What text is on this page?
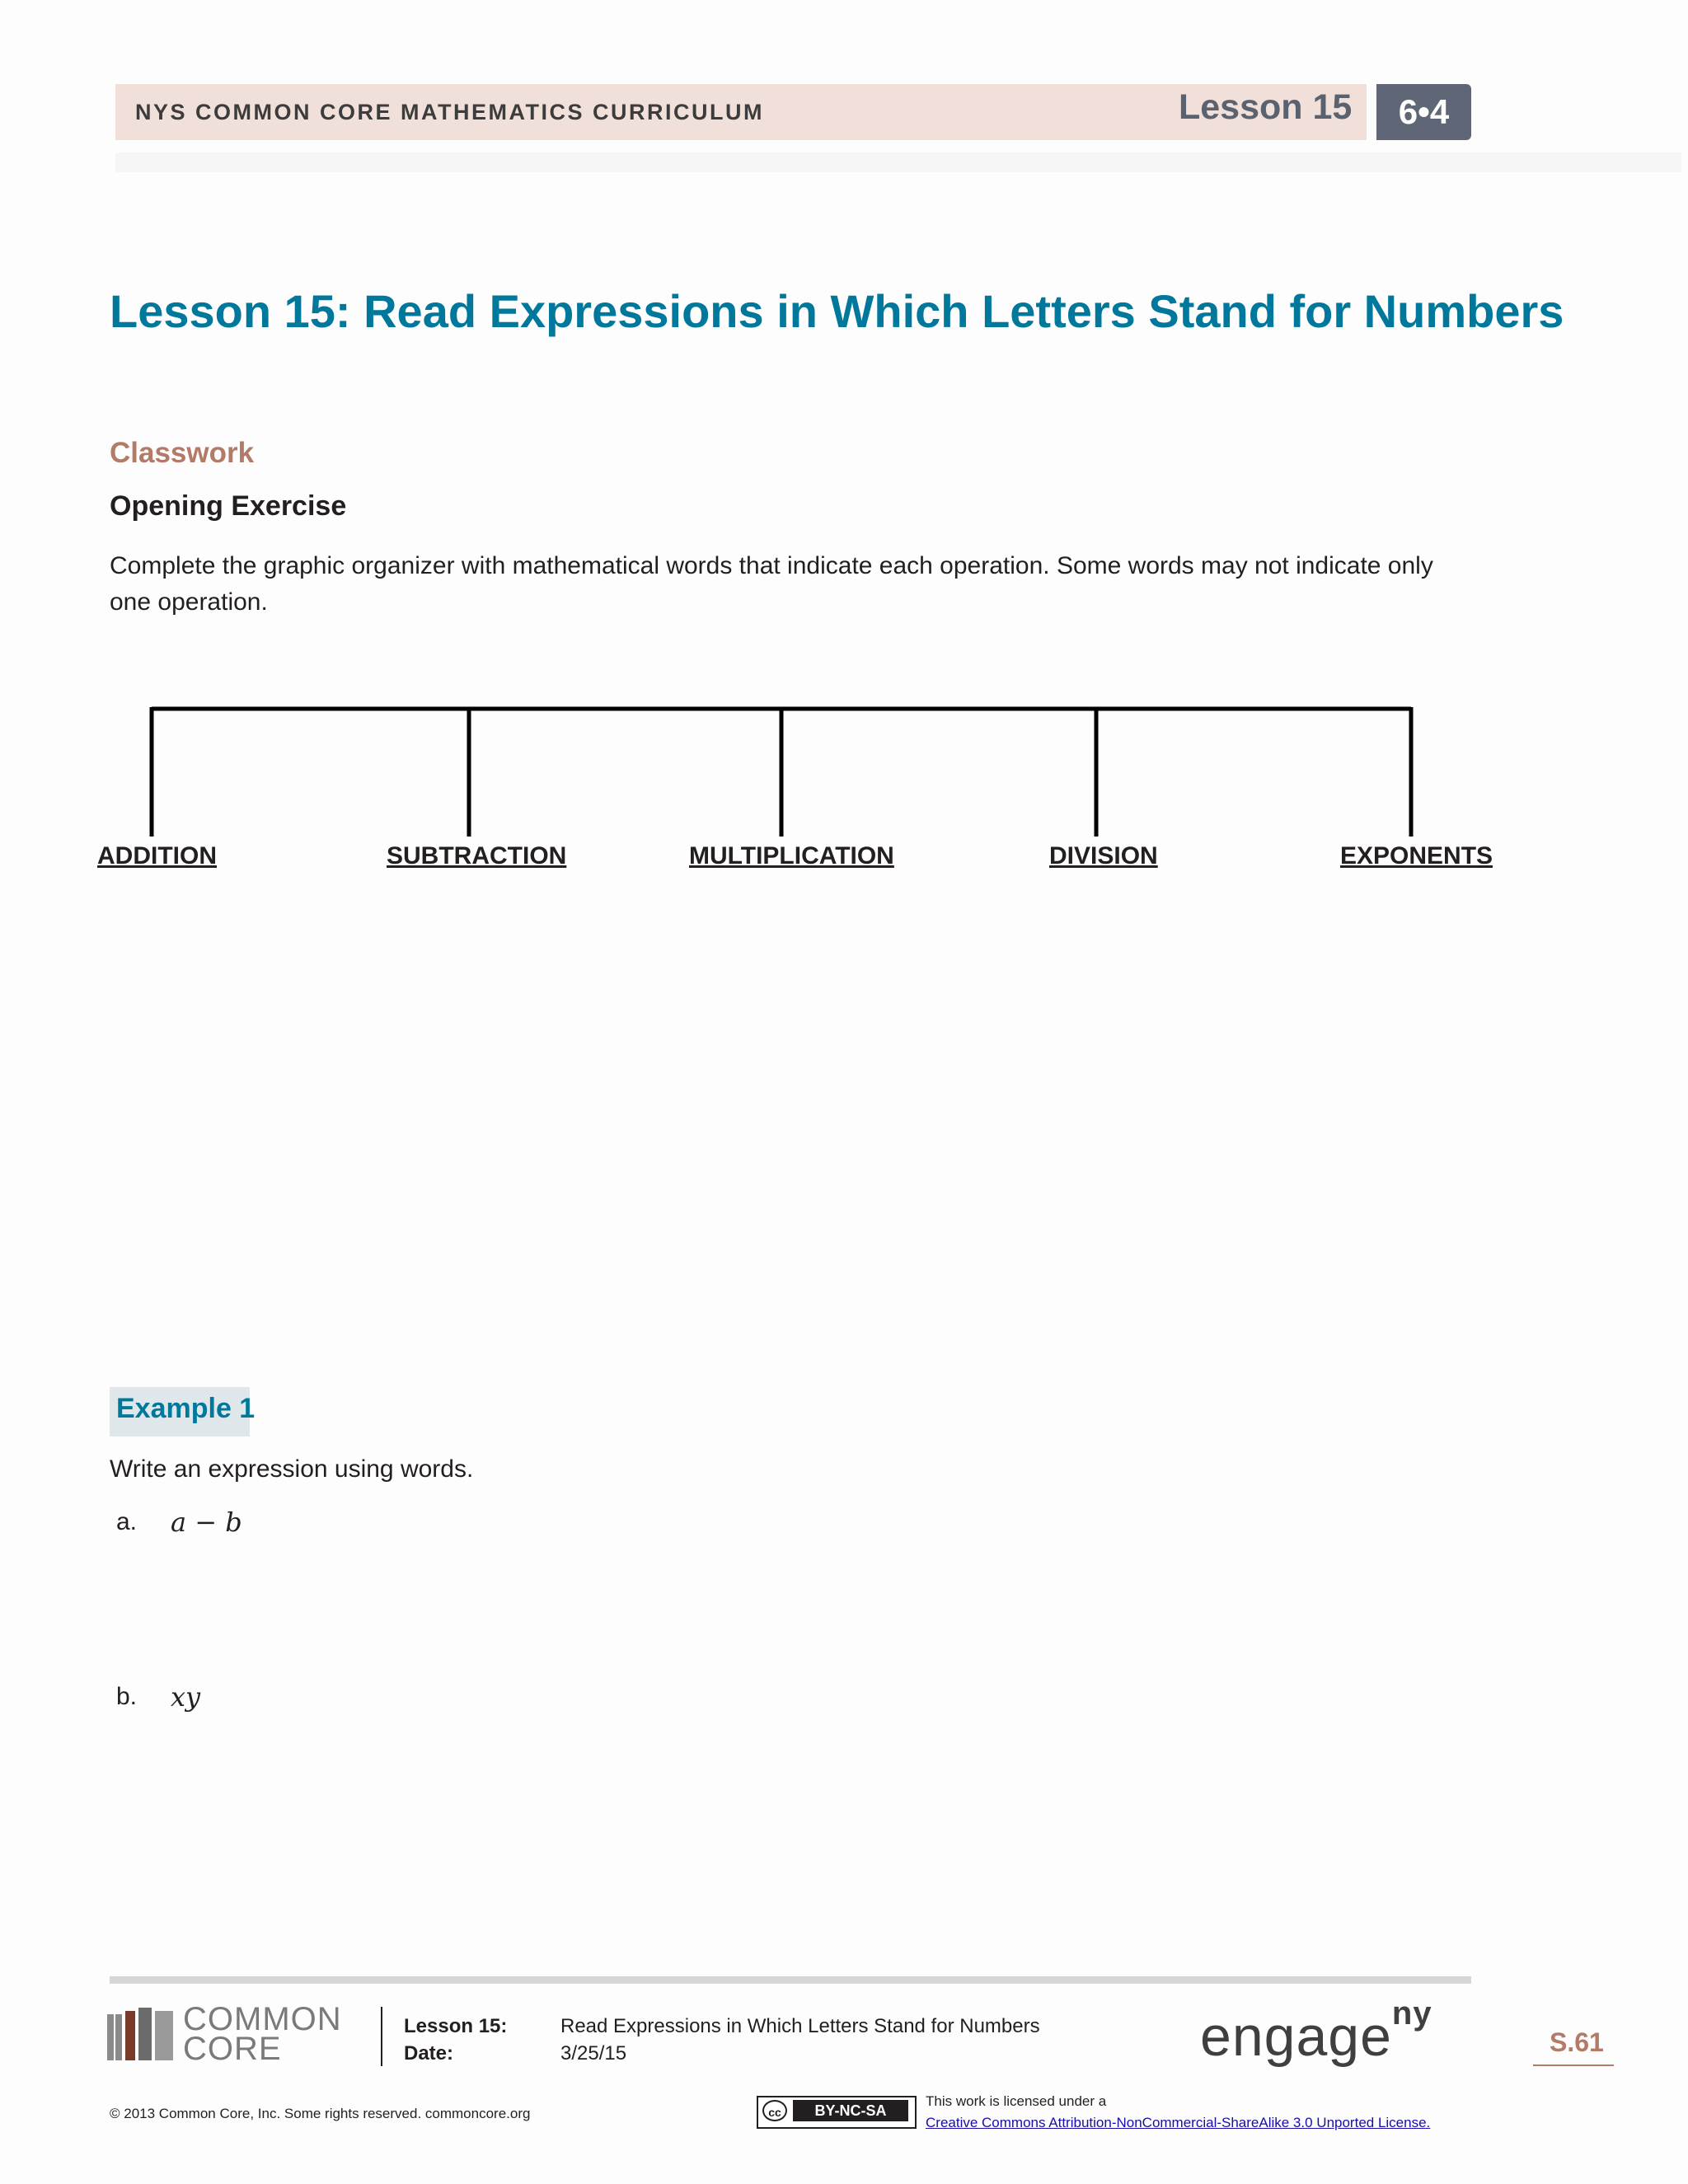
NYS COMMON CORE MATHEMATICS CURRICULUM	Lesson 15	6•4
Lesson 15: Read Expressions in Which Letters Stand for Numbers
Classwork
Opening Exercise
Complete the graphic organizer with mathematical words that indicate each operation. Some words may not indicate only one operation.
ADDITION	SUBTRACTION	MULTIPLICATION	DIVISION	EXPONENTS
Example 1
Write an expression using words.
a. a − b
b. xy
COMMON
CORE
Lesson 15:
Date:
Read Expressions in Which Letters Stand for Numbers
3/25/15	engage$^{ny}$
S.61
© 2013 Common Core, Inc. Some rights reserved. commoncore.org	cc	BY-NC-SA
This work is licensed under a
Creative Commons Attribution-NonCommercial-ShareAlike 3.0 Unported License.
